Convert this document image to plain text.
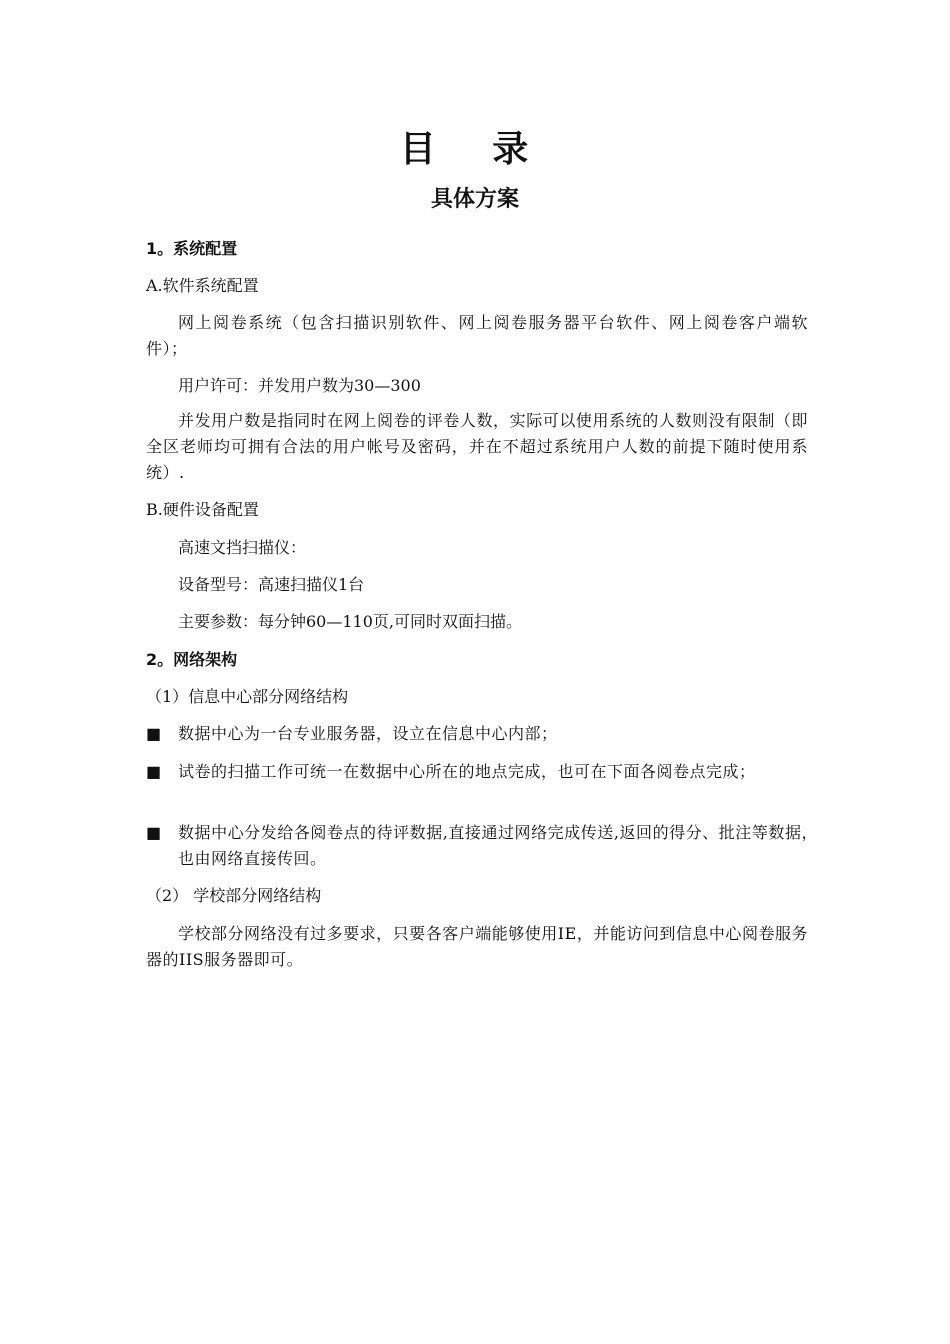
目 录
具体方案
1。系统配置
A.软件系统配置
网上阅卷系统（包含扫描识别软件、网上阅卷服务器平台软件、网上阅卷客户端软件）；
用户许可：并发用户数为30—300
并发用户数是指同时在网上阅卷的评卷人数，实际可以使用系统的人数则没有限制（即全区老师均可拥有合法的用户帐号及密码，并在不超过系统用户人数的前提下随时使用系统）.
B.硬件设备配置
高速文挡扫描仪：
设备型号：高速扫描仪1台
主要参数：每分钟60—110页,可同时双面扫描。
2。网络架构
（1）信息中心部分网络结构
■ 数据中心为一台专业服务器，设立在信息中心内部；
■ 试卷的扫描工作可统一在数据中心所在的地点完成，也可在下面各阅卷点完成；
■ 数据中心分发给各阅卷点的待评数据,直接通过网络完成传送,返回的得分、批注等数据，也由网络直接传回。
（2） 学校部分网络结构
学校部分网络没有过多要求，只要各客户端能够使用IE，并能访问到信息中心阅卷服务器的IIS服务器即可。
